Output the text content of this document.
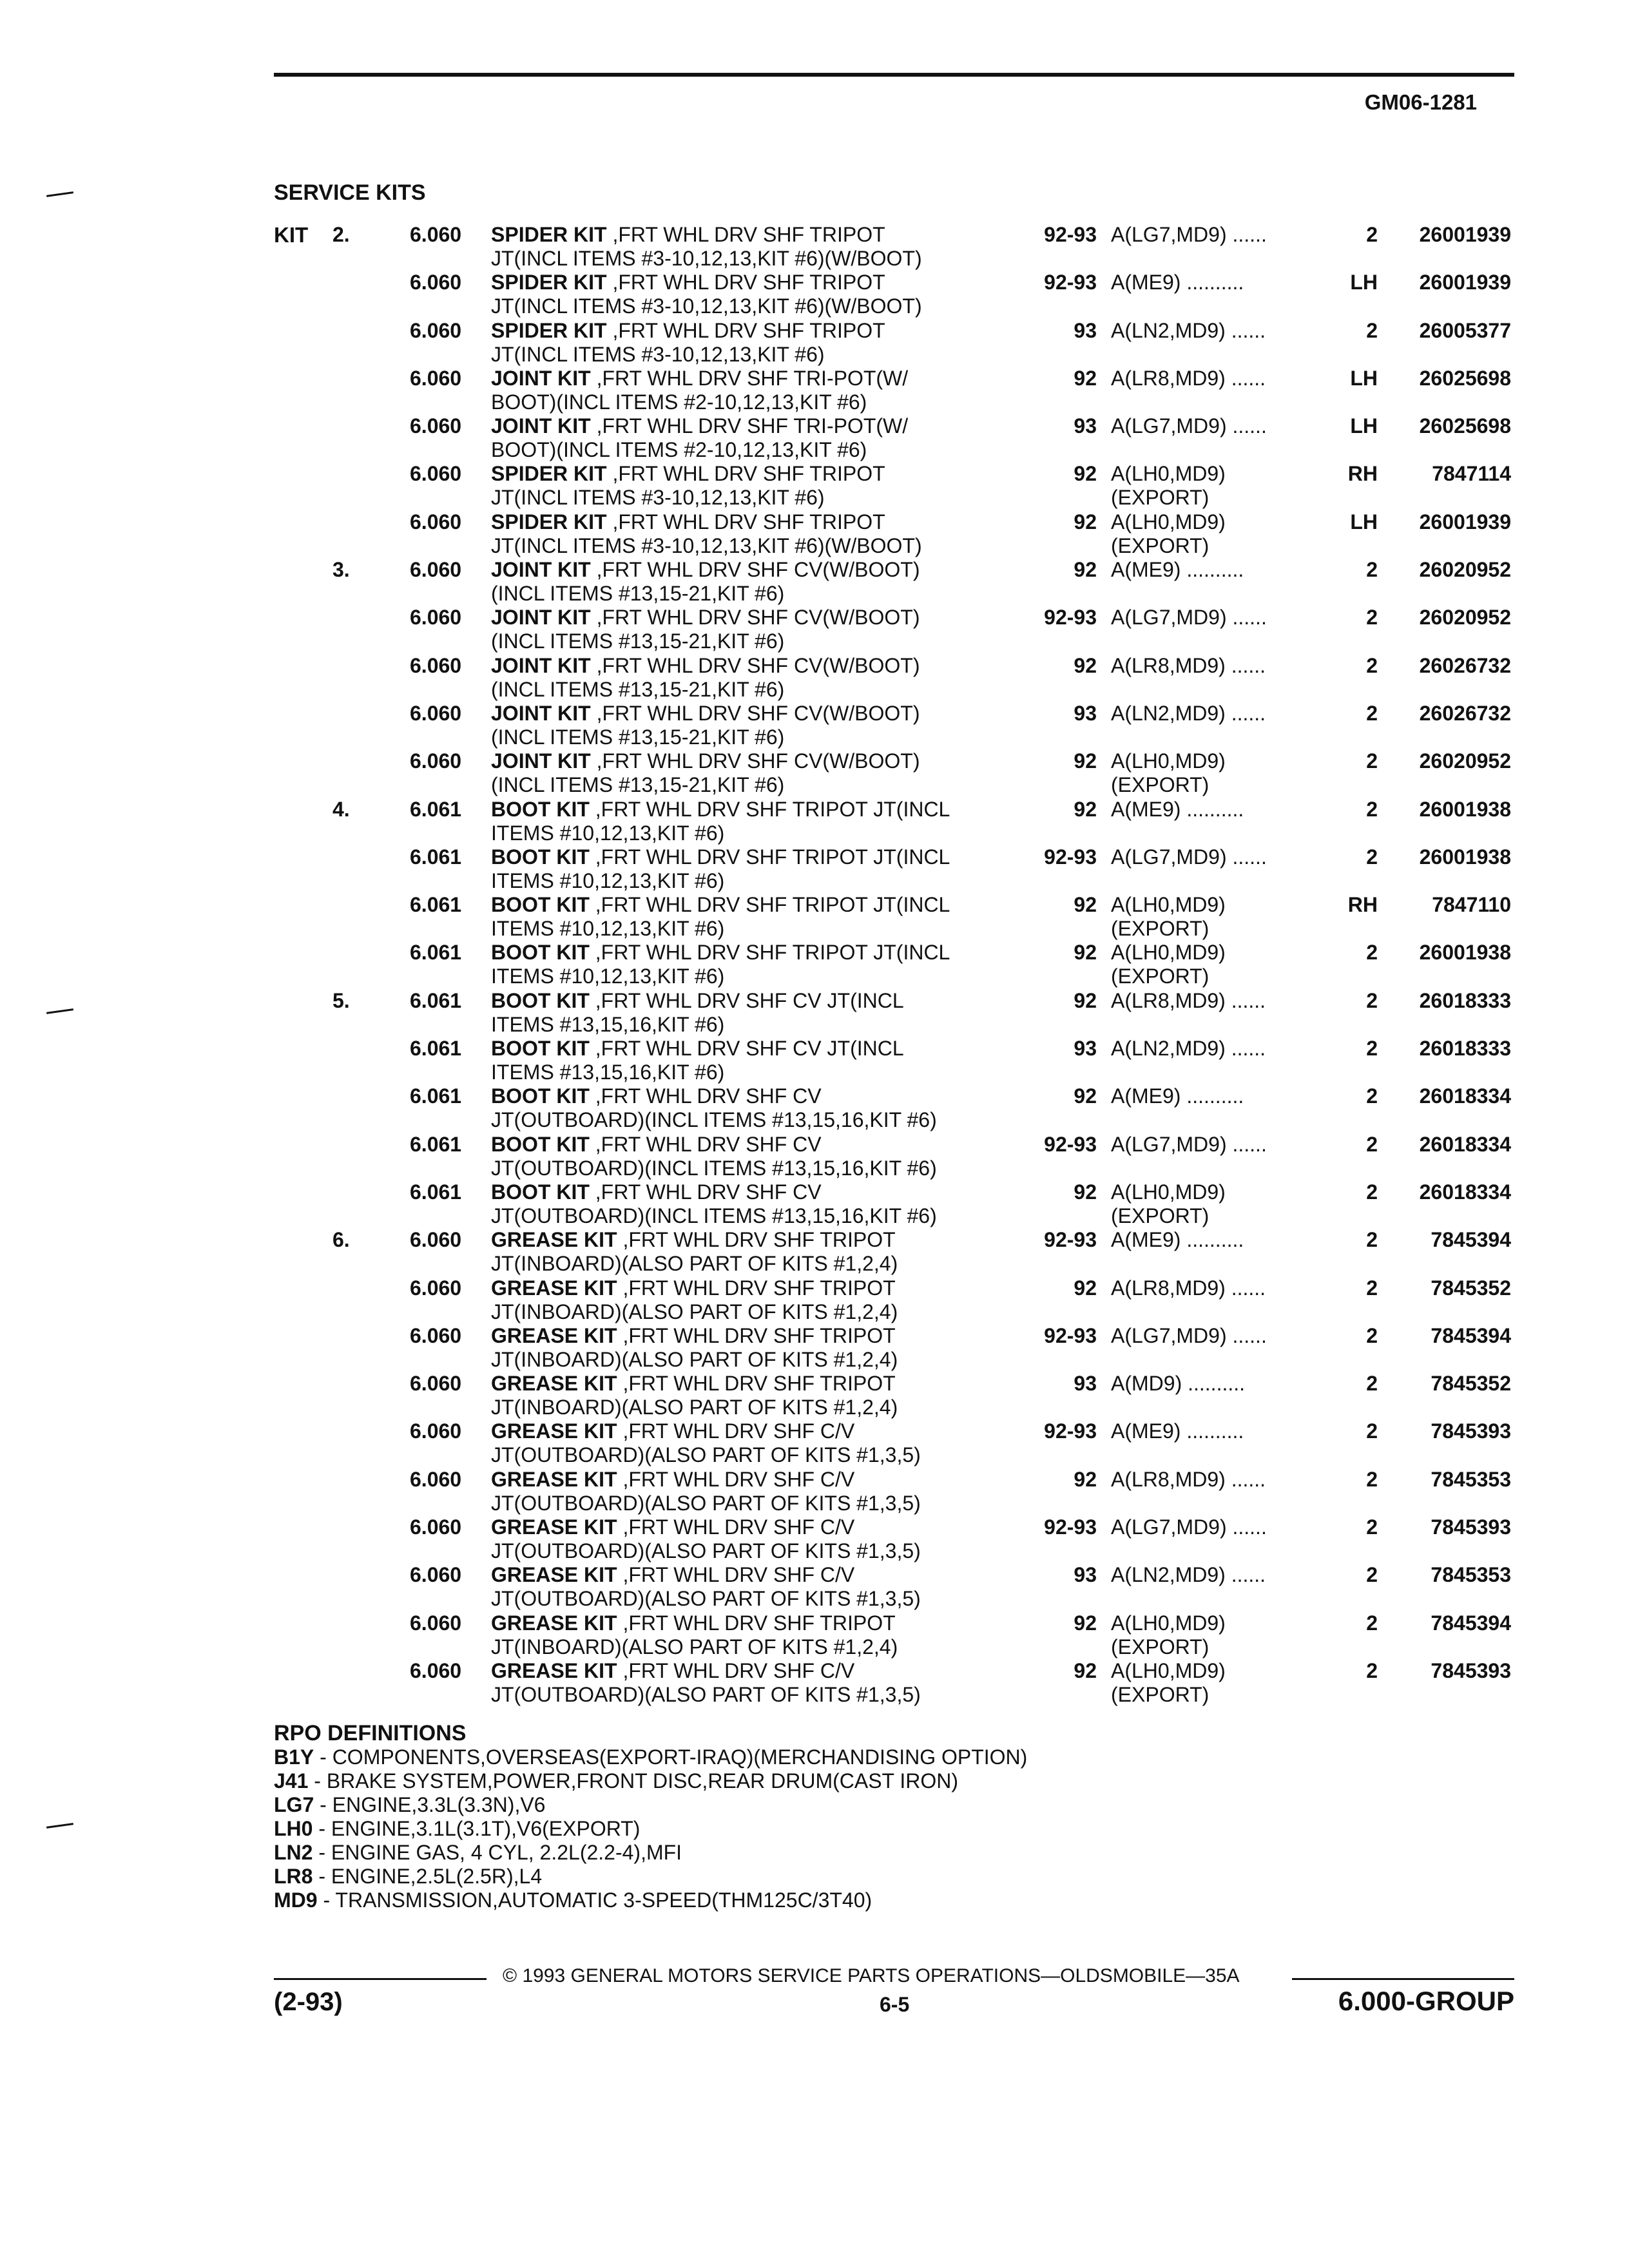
GM06-1281
SERVICE KITS
KIT 2.	6.060 SPIDER KIT ,FRT WHL DRV SHF TRIPOT
JT(INCL ITEMS #3-10,12,13,KIT #6)(W/BOOT)
92-93 A(LG7,MD9) ......	2	26001939
6.060 SPIDER KIT ,FRT WHL DRV SHF TRIPOT
JT(INCL ITEMS #3-10,12,13,KIT #6)(W/BOOT)
92-93 A(ME9) ..........	LH	26001939
6.060 SPIDER KIT ,FRT WHL DRV SHF TRIPOT
JT(INCL ITEMS #3-10,12,13,KIT #6)
93 A(LN2,MD9) ......	2	26005377
6.060 JOINT KIT ,FRT WHL DRV SHF TRI-POT(W/
BOOT)(INCL ITEMS #2-10,12,13,KIT #6)
92 A(LR8,MD9) ......	LH	26025698
6.060 JOINT KIT ,FRT WHL DRV SHF TRI-POT(W/
BOOT)(INCL ITEMS #2-10,12,13,KIT #6)
93 A(LG7,MD9) ......	LH	26025698
6.060 SPIDER KIT ,FRT WHL DRV SHF TRIPOT
JT(INCL ITEMS #3-10,12,13,KIT #6)
92 A(LH0,MD9)
(EXPORT)
RH	7847114
6.060 SPIDER KIT ,FRT WHL DRV SHF TRIPOT
JT(INCL ITEMS #3-10,12,13,KIT #6)(W/BOOT)
92 A(LH0,MD9)
(EXPORT)
LH	26001939
3.	6.060 JOINT KIT ,FRT WHL DRV SHF CV(W/BOOT)
(INCL ITEMS #13,15-21,KIT #6)
92 A(ME9) ..........	2	26020952
6.060 JOINT KIT ,FRT WHL DRV SHF CV(W/BOOT)
(INCL ITEMS #13,15-21,KIT #6)
92-93 A(LG7,MD9) ......	2	26020952
6.060 JOINT KIT ,FRT WHL DRV SHF CV(W/BOOT)
(INCL ITEMS #13,15-21,KIT #6)
92 A(LR8,MD9) ......	2	26026732
6.060 JOINT KIT ,FRT WHL DRV SHF CV(W/BOOT)
(INCL ITEMS #13,15-21,KIT #6)
93 A(LN2,MD9) ......	2	26026732
6.060 JOINT KIT ,FRT WHL DRV SHF CV(W/BOOT)
(INCL ITEMS #13,15-21,KIT #6)
92 A(LH0,MD9)
(EXPORT)
2	26020952
4.	6.061 BOOT KIT ,FRT WHL DRV SHF TRIPOT JT(INCL
ITEMS #10,12,13,KIT #6)
92 A(ME9) ..........	2	26001938
6.061 BOOT KIT ,FRT WHL DRV SHF TRIPOT JT(INCL
ITEMS #10,12,13,KIT #6)
92-93 A(LG7,MD9) ......	2	26001938
6.061 BOOT KIT ,FRT WHL DRV SHF TRIPOT JT(INCL
ITEMS #10,12,13,KIT #6)
92 A(LH0,MD9)
(EXPORT)
RH	7847110
6.061 BOOT KIT ,FRT WHL DRV SHF TRIPOT JT(INCL
ITEMS #10,12,13,KIT #6)
92 A(LH0,MD9)
(EXPORT)
2	26001938
5.	6.061 BOOT KIT ,FRT WHL DRV SHF CV JT(INCL
ITEMS #13,15,16,KIT #6)
92 A(LR8,MD9) ......	2	26018333
6.061 BOOT KIT ,FRT WHL DRV SHF CV JT(INCL
ITEMS #13,15,16,KIT #6)
93 A(LN2,MD9) ......	2	26018333
6.061 BOOT KIT ,FRT WHL DRV SHF CV
JT(OUTBOARD)(INCL ITEMS #13,15,16,KIT #6)
92 A(ME9) ..........	2	26018334
6.061 BOOT KIT ,FRT WHL DRV SHF CV
JT(OUTBOARD)(INCL ITEMS #13,15,16,KIT #6)
92-93 A(LG7,MD9) ......	2	26018334
6.061 BOOT KIT ,FRT WHL DRV SHF CV
JT(OUTBOARD)(INCL ITEMS #13,15,16,KIT #6)
92 A(LH0,MD9)
(EXPORT)
2	26018334
6.	6.060 GREASE KIT ,FRT WHL DRV SHF TRIPOT
JT(INBOARD)(ALSO PART OF KITS #1,2,4)
92-93 A(ME9) ..........	2	7845394
6.060 GREASE KIT ,FRT WHL DRV SHF TRIPOT
JT(INBOARD)(ALSO PART OF KITS #1,2,4)
92 A(LR8,MD9) ......	2	7845352
6.060 GREASE KIT ,FRT WHL DRV SHF TRIPOT
JT(INBOARD)(ALSO PART OF KITS #1,2,4)
92-93 A(LG7,MD9) ......	2	7845394
6.060 GREASE KIT ,FRT WHL DRV SHF TRIPOT
JT(INBOARD)(ALSO PART OF KITS #1,2,4)
93 A(MD9) ..........	2	7845352
6.060 GREASE KIT ,FRT WHL DRV SHF C/V
JT(OUTBOARD)(ALSO PART OF KITS #1,3,5)
92-93 A(ME9) ..........	2	7845393
6.060 GREASE KIT ,FRT WHL DRV SHF C/V
JT(OUTBOARD)(ALSO PART OF KITS #1,3,5)
92 A(LR8,MD9) ......	2	7845353
6.060 GREASE KIT ,FRT WHL DRV SHF C/V
JT(OUTBOARD)(ALSO PART OF KITS #1,3,5)
92-93 A(LG7,MD9) ......	2	7845393
6.060 GREASE KIT ,FRT WHL DRV SHF C/V
JT(OUTBOARD)(ALSO PART OF KITS #1,3,5)
93 A(LN2,MD9) ......	2	7845353
6.060 GREASE KIT ,FRT WHL DRV SHF TRIPOT
JT(INBOARD)(ALSO PART OF KITS #1,2,4)
92 A(LH0,MD9)
(EXPORT)
2	7845394
6.060 GREASE KIT ,FRT WHL DRV SHF C/V
JT(OUTBOARD)(ALSO PART OF KITS #1,3,5)
92 A(LH0,MD9)
(EXPORT)
2	7845393
RPO DEFINITIONS
B1Y - COMPONENTS,OVERSEAS(EXPORT-IRAQ)(MERCHANDISING OPTION)
J41 - BRAKE SYSTEM,POWER,FRONT DISC,REAR DRUM(CAST IRON)
LG7 - ENGINE,3.3L(3.3N),V6
LH0 - ENGINE,3.1L(3.1T),V6(EXPORT)
LN2 - ENGINE GAS, 4 CYL, 2.2L(2.2-4),MFI
LR8 - ENGINE,2.5L(2.5R),L4
MD9 - TRANSMISSION,AUTOMATIC 3-SPEED(THM125C/3T40)
© 1993 GENERAL MOTORS SERVICE PARTS OPERATIONS—OLDSMOBILE—35A
(2-93)	6-5	6.000-GROUP
